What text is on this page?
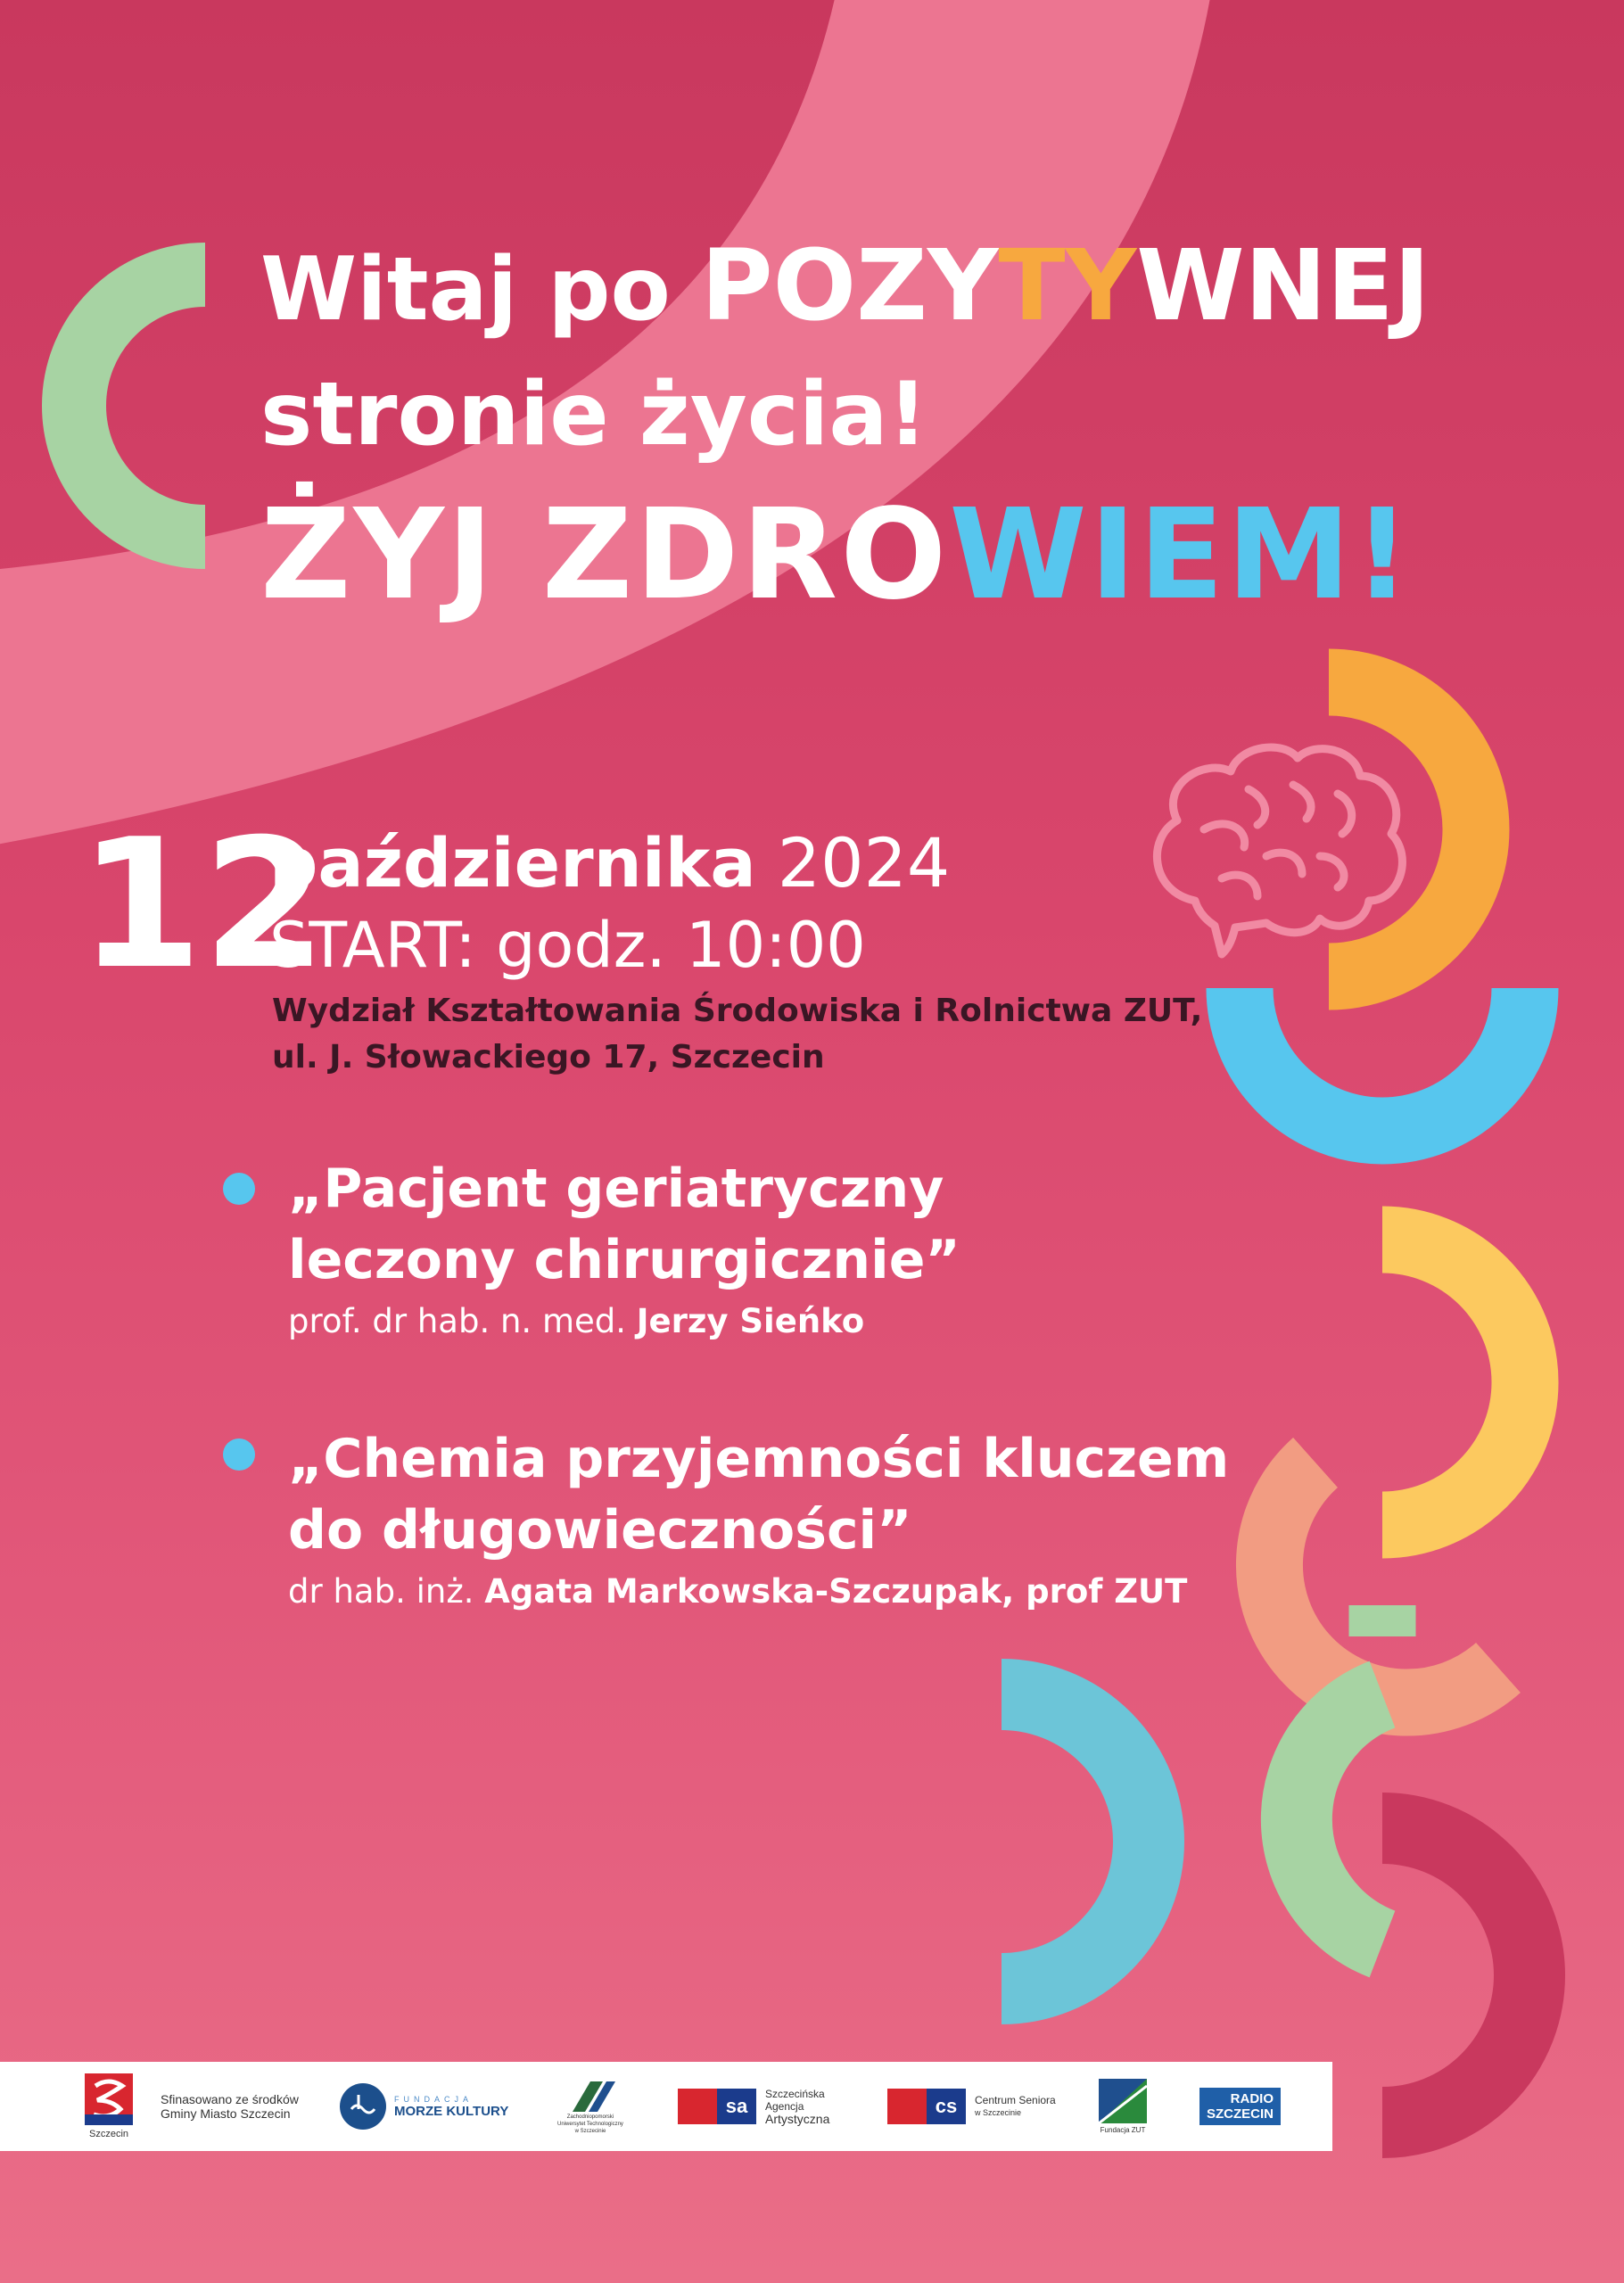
Witaj po POZYTYWNEJ
stronie życia!
ŻYJ ZDROWIEM!
12
października 2024
START: godz. 10:00
Wydział Kształtowania Środowiska i Rolnictwa ZUT,
ul. J. Słowackiego 17, Szczecin
„Pacjent geriatryczny
leczony chirurgicznie”
prof. dr hab. n. med. Jerzy Sieńko
„Chemia przyjemności kluczem
do długowieczności”
dr hab. inż. Agata Markowska-Szczupak, prof ZUT
Szczecin
Sfinasowano ze środków
Gminy Miasto Szczecin
FUNDACJA
MORZE KULTURY	Zachodniopomorski
Uniwersytet Technologiczny
w Szczecinie
sa
Szczecińska
Agencja
Artystyczna
cs	Centrum Seniora
w Szczecinie
Fundacja ZUT
RADIO
SZCZECIN
